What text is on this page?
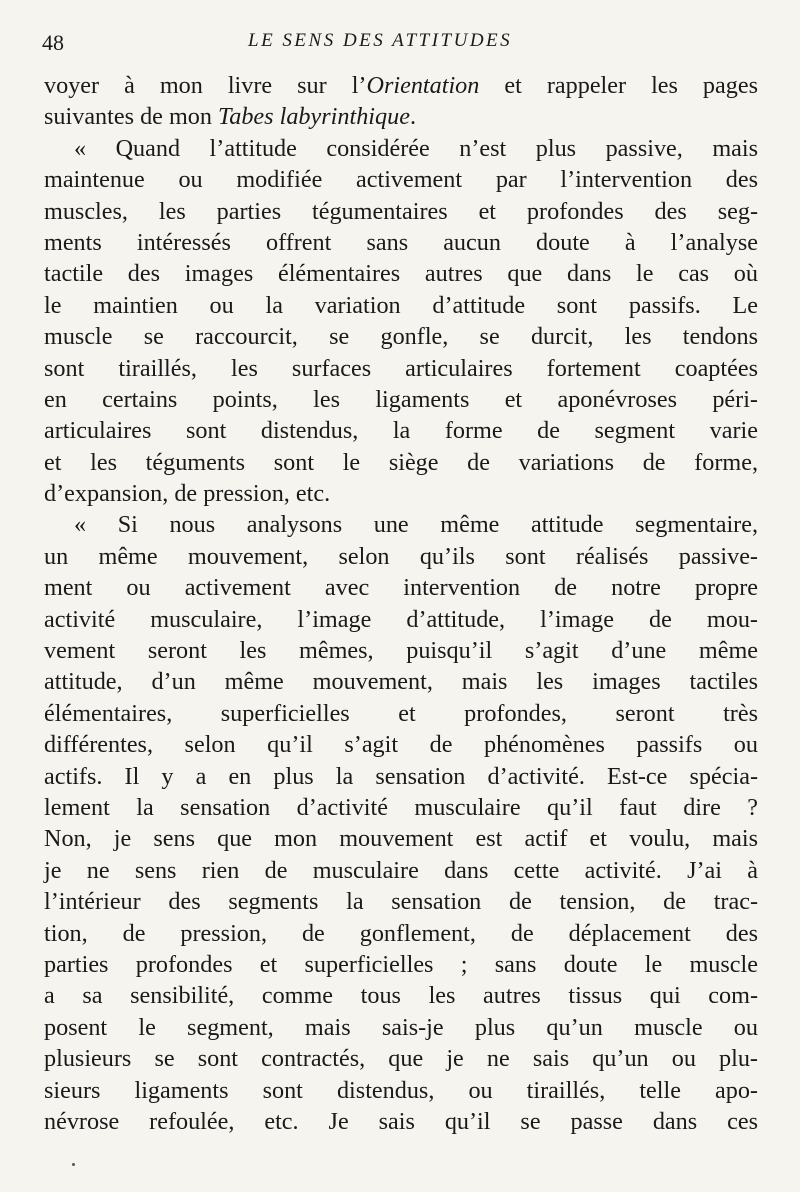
48	LE SENS DES ATTITUDES
voyer à mon livre sur l’Orientation et rappeler les pages
suivantes de mon Tabes labyrinthique.
« Quand l’attitude considérée n’est plus passive, mais
maintenue ou modifiée activement par l’intervention des
muscles, les parties tégumentaires et profondes des seg-
ments intéressés offrent sans aucun doute à l’analyse
tactile des images élémentaires autres que dans le cas où
le maintien ou la variation d’attitude sont passifs. Le
muscle se raccourcit, se gonfle, se durcit, les tendons
sont tiraillés, les surfaces articulaires fortement coaptées
en certains points, les ligaments et aponévroses péri-
articulaires sont distendus, la forme de segment varie
et les téguments sont le siège de variations de forme,
d’expansion, de pression, etc.
« Si nous analysons une même attitude segmentaire,
un même mouvement, selon qu’ils sont réalisés passive-
ment ou activement avec intervention de notre propre
activité musculaire, l’image d’attitude, l’image de mou-
vement seront les mêmes, puisqu’il s’agit d’une même
attitude, d’un même mouvement, mais les images tactiles
élémentaires, superficielles et profondes, seront très
différentes, selon qu’il s’agit de phénomènes passifs ou
actifs. Il y a en plus la sensation d’activité. Est-ce spécia-
lement la sensation d’activité musculaire qu’il faut dire ?
Non, je sens que mon mouvement est actif et voulu, mais
je ne sens rien de musculaire dans cette activité. J’ai à
l’intérieur des segments la sensation de tension, de trac-
tion, de pression, de gonflement, de déplacement des
parties profondes et superficielles ; sans doute le muscle
a sa sensibilité, comme tous les autres tissus qui com-
posent le segment, mais sais-je plus qu’un muscle ou
plusieurs se sont contractés, que je ne sais qu’un ou plu-
sieurs ligaments sont distendus, ou tiraillés, telle apo-
névrose refoulée, etc. Je sais qu’il se passe dans ces
